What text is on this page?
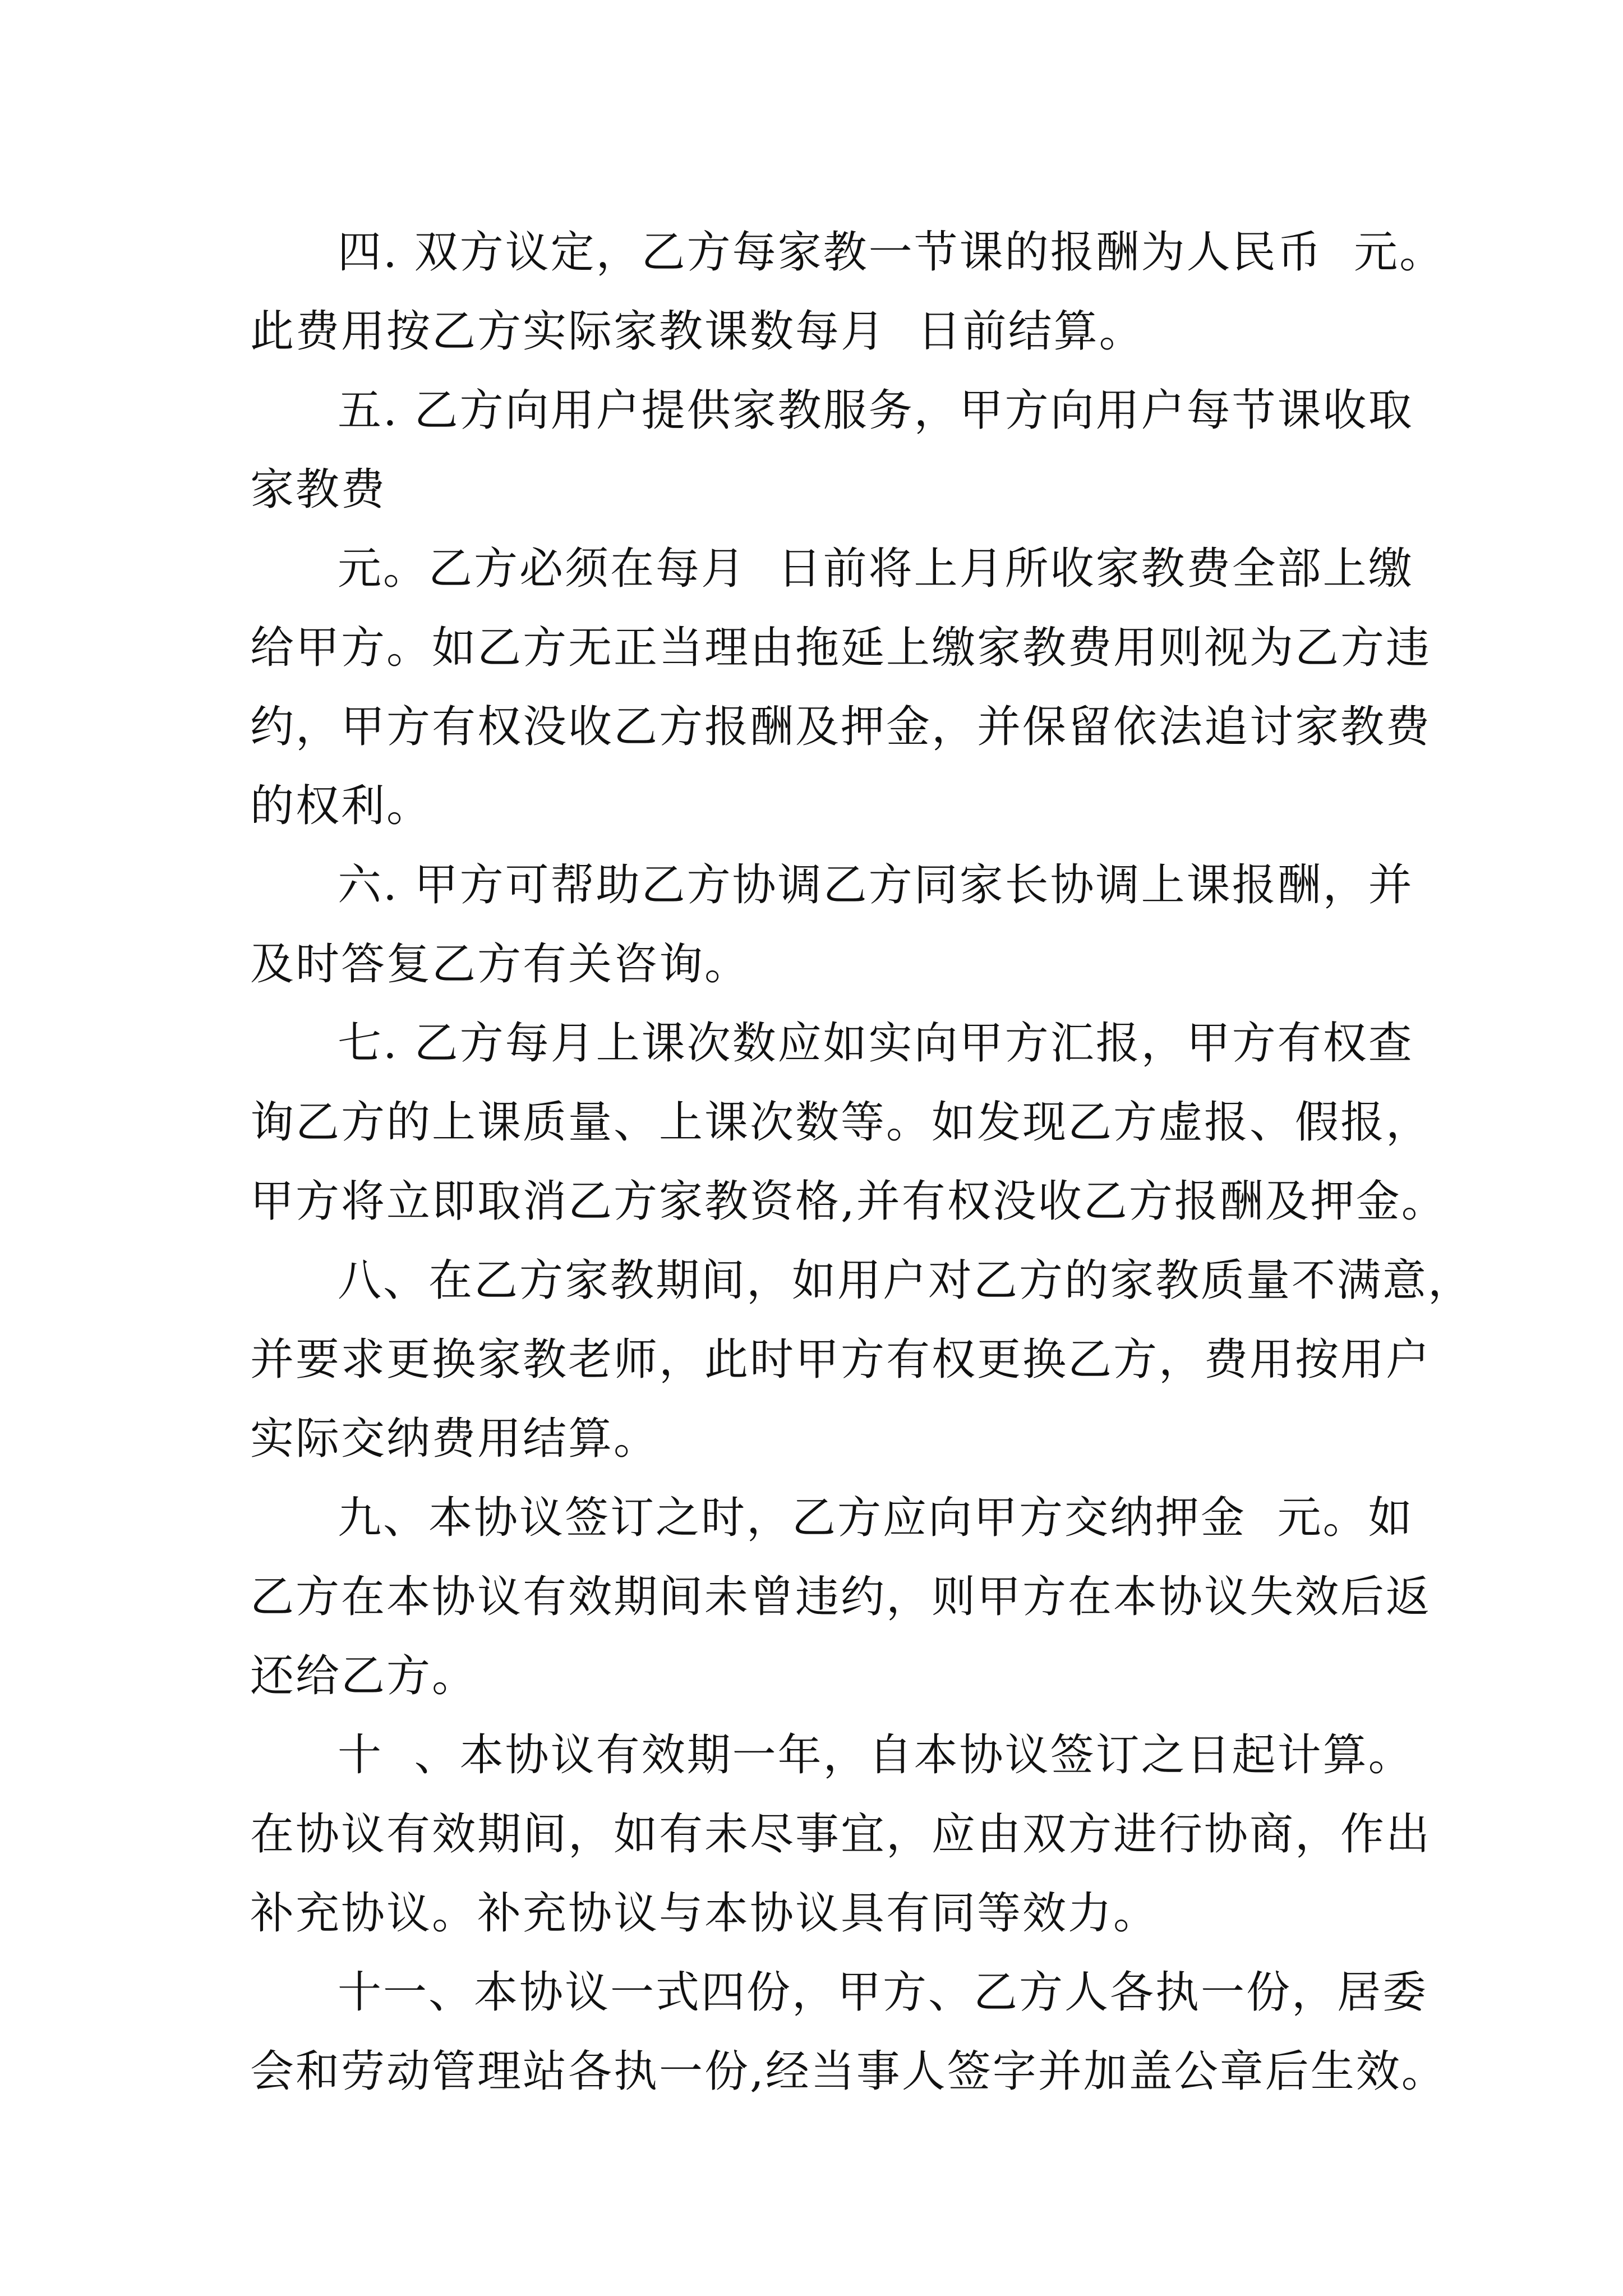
四. 双方议定，乙方每家教一节课的报酬为人民币  元。
此费用按乙方实际家教课数每月  日前结算。

五. 乙方向用户提供家教服务，甲方向用户每节课收取
家教费

元。乙方必须在每月  日前将上月所收家教费全部上缴
给甲方。如乙方无正当理由拖延上缴家教费用则视为乙方违
约，甲方有权没收乙方报酬及押金，并保留依法追讨家教费
的权利。

六. 甲方可帮助乙方协调乙方同家长协调上课报酬，并
及时答复乙方有关咨询。

七. 乙方每月上课次数应如实向甲方汇报，甲方有权查
询乙方的上课质量、上课次数等。如发现乙方虚报、假报，
甲方将立即取消乙方家教资格,并有权没收乙方报酬及押金。

八、在乙方家教期间，如用户对乙方的家教质量不满意，
并要求更换家教老师，此时甲方有权更换乙方，费用按用户
实际交纳费用结算。

九、本协议签订之时，乙方应向甲方交纳押金  元。如
乙方在本协议有效期间未曾违约，则甲方在本协议失效后返
还给乙方。

十  、本协议有效期一年，自本协议签订之日起计算。
在协议有效期间，如有未尽事宜，应由双方进行协商，作出
补充协议。补充协议与本协议具有同等效力。

十一、本协议一式四份，甲方、乙方人各执一份，居委
会和劳动管理站各执一份,经当事人签字并加盖公章后生效。
